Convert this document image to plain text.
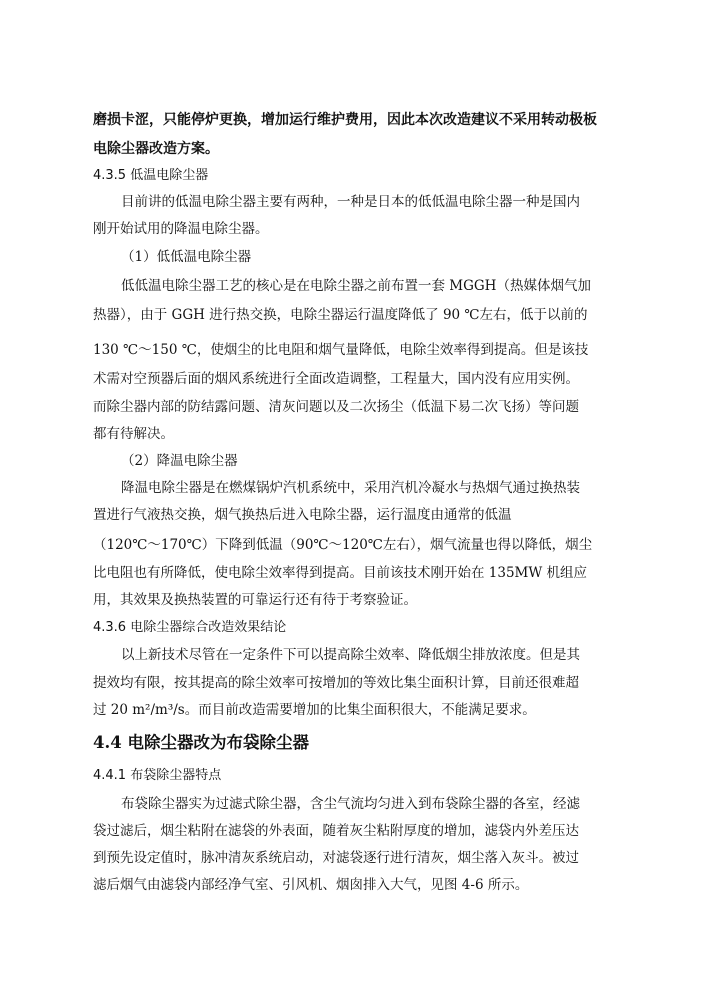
磨损卡涩，只能停炉更换，增加运行维护费用，因此本次改造建议不采用转动极板
电除尘器改造方案。
4.3.5 低温电除尘器
目前讲的低温电除尘器主要有两种，一种是日本的低低温电除尘器一种是国内
刚开始试用的降温电除尘器。
（1）低低温电除尘器
低低温电除尘器工艺的核心是在电除尘器之前布置一套 MGGH（热媒体烟气加
热器），由于 GGH 进行热交换，电除尘器运行温度降低了 90 ℃左右，低于以前的
130 ℃～150 ℃，使烟尘的比电阻和烟气量降低，电除尘效率得到提高。但是该技
术需对空预器后面的烟风系统进行全面改造调整，工程量大，国内没有应用实例。
而除尘器内部的防结露问题、清灰问题以及二次扬尘（低温下易二次飞扬）等问题
都有待解决。
（2）降温电除尘器
降温电除尘器是在燃煤锅炉汽机系统中，采用汽机冷凝水与热烟气通过换热装
置进行气液热交换，烟气换热后进入电除尘器，运行温度由通常的低温
（120℃～170℃）下降到低温（90℃～120℃左右），烟气流量也得以降低，烟尘
比电阻也有所降低，使电除尘效率得到提高。目前该技术刚开始在 135MW 机组应
用，其效果及换热装置的可靠运行还有待于考察验证。
4.3.6 电除尘器综合改造效果结论
以上新技术尽管在一定条件下可以提高除尘效率、降低烟尘排放浓度。但是其
提效均有限，按其提高的除尘效率可按增加的等效比集尘面积计算，目前还很难超
过 20 m²/m³/s。而目前改造需要增加的比集尘面积很大，不能满足要求。
4.4 电除尘器改为布袋除尘器
4.4.1 布袋除尘器特点
布袋除尘器实为过滤式除尘器，含尘气流均匀进入到布袋除尘器的各室，经滤
袋过滤后，烟尘粘附在滤袋的外表面，随着灰尘粘附厚度的增加，滤袋内外差压达
到预先设定值时，脉冲清灰系统启动，对滤袋逐行进行清灰，烟尘落入灰斗。被过
滤后烟气由滤袋内部经净气室、引风机、烟囱排入大气，见图 4-6 所示。
